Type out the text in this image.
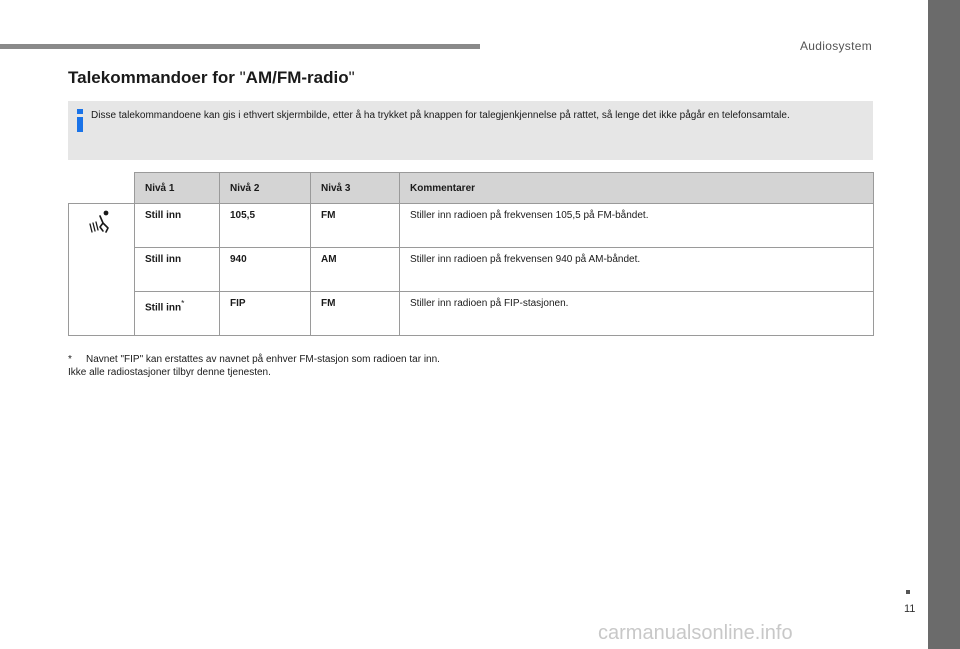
Audiosystem
Talekommandoer for "AM/FM-radio"
Disse talekommandoene kan gis i ethvert skjermbilde, etter å ha trykket på knappen for talegjenkjennelse på rattet, så lenge det ikke pågår en telefonsamtale.
	Nivå 1	Nivå 2	Nivå 3	Kommentarer

	Still inn	105,5	FM	Stiller inn radioen på frekvensen 105,5 på FM-båndet.
	Still inn	940	AM	Stiller inn radioen på frekvensen 940 på AM-båndet.
	Still inn*	FIP	FM	Stiller inn radioen på FIP-stasjonen.
* Navnet "FIP" kan erstattes av navnet på enhver FM-stasjon som radioen tar inn.
Ikke alle radiostasjoner tilbyr denne tjenesten.
11
carmanualsonline.info
